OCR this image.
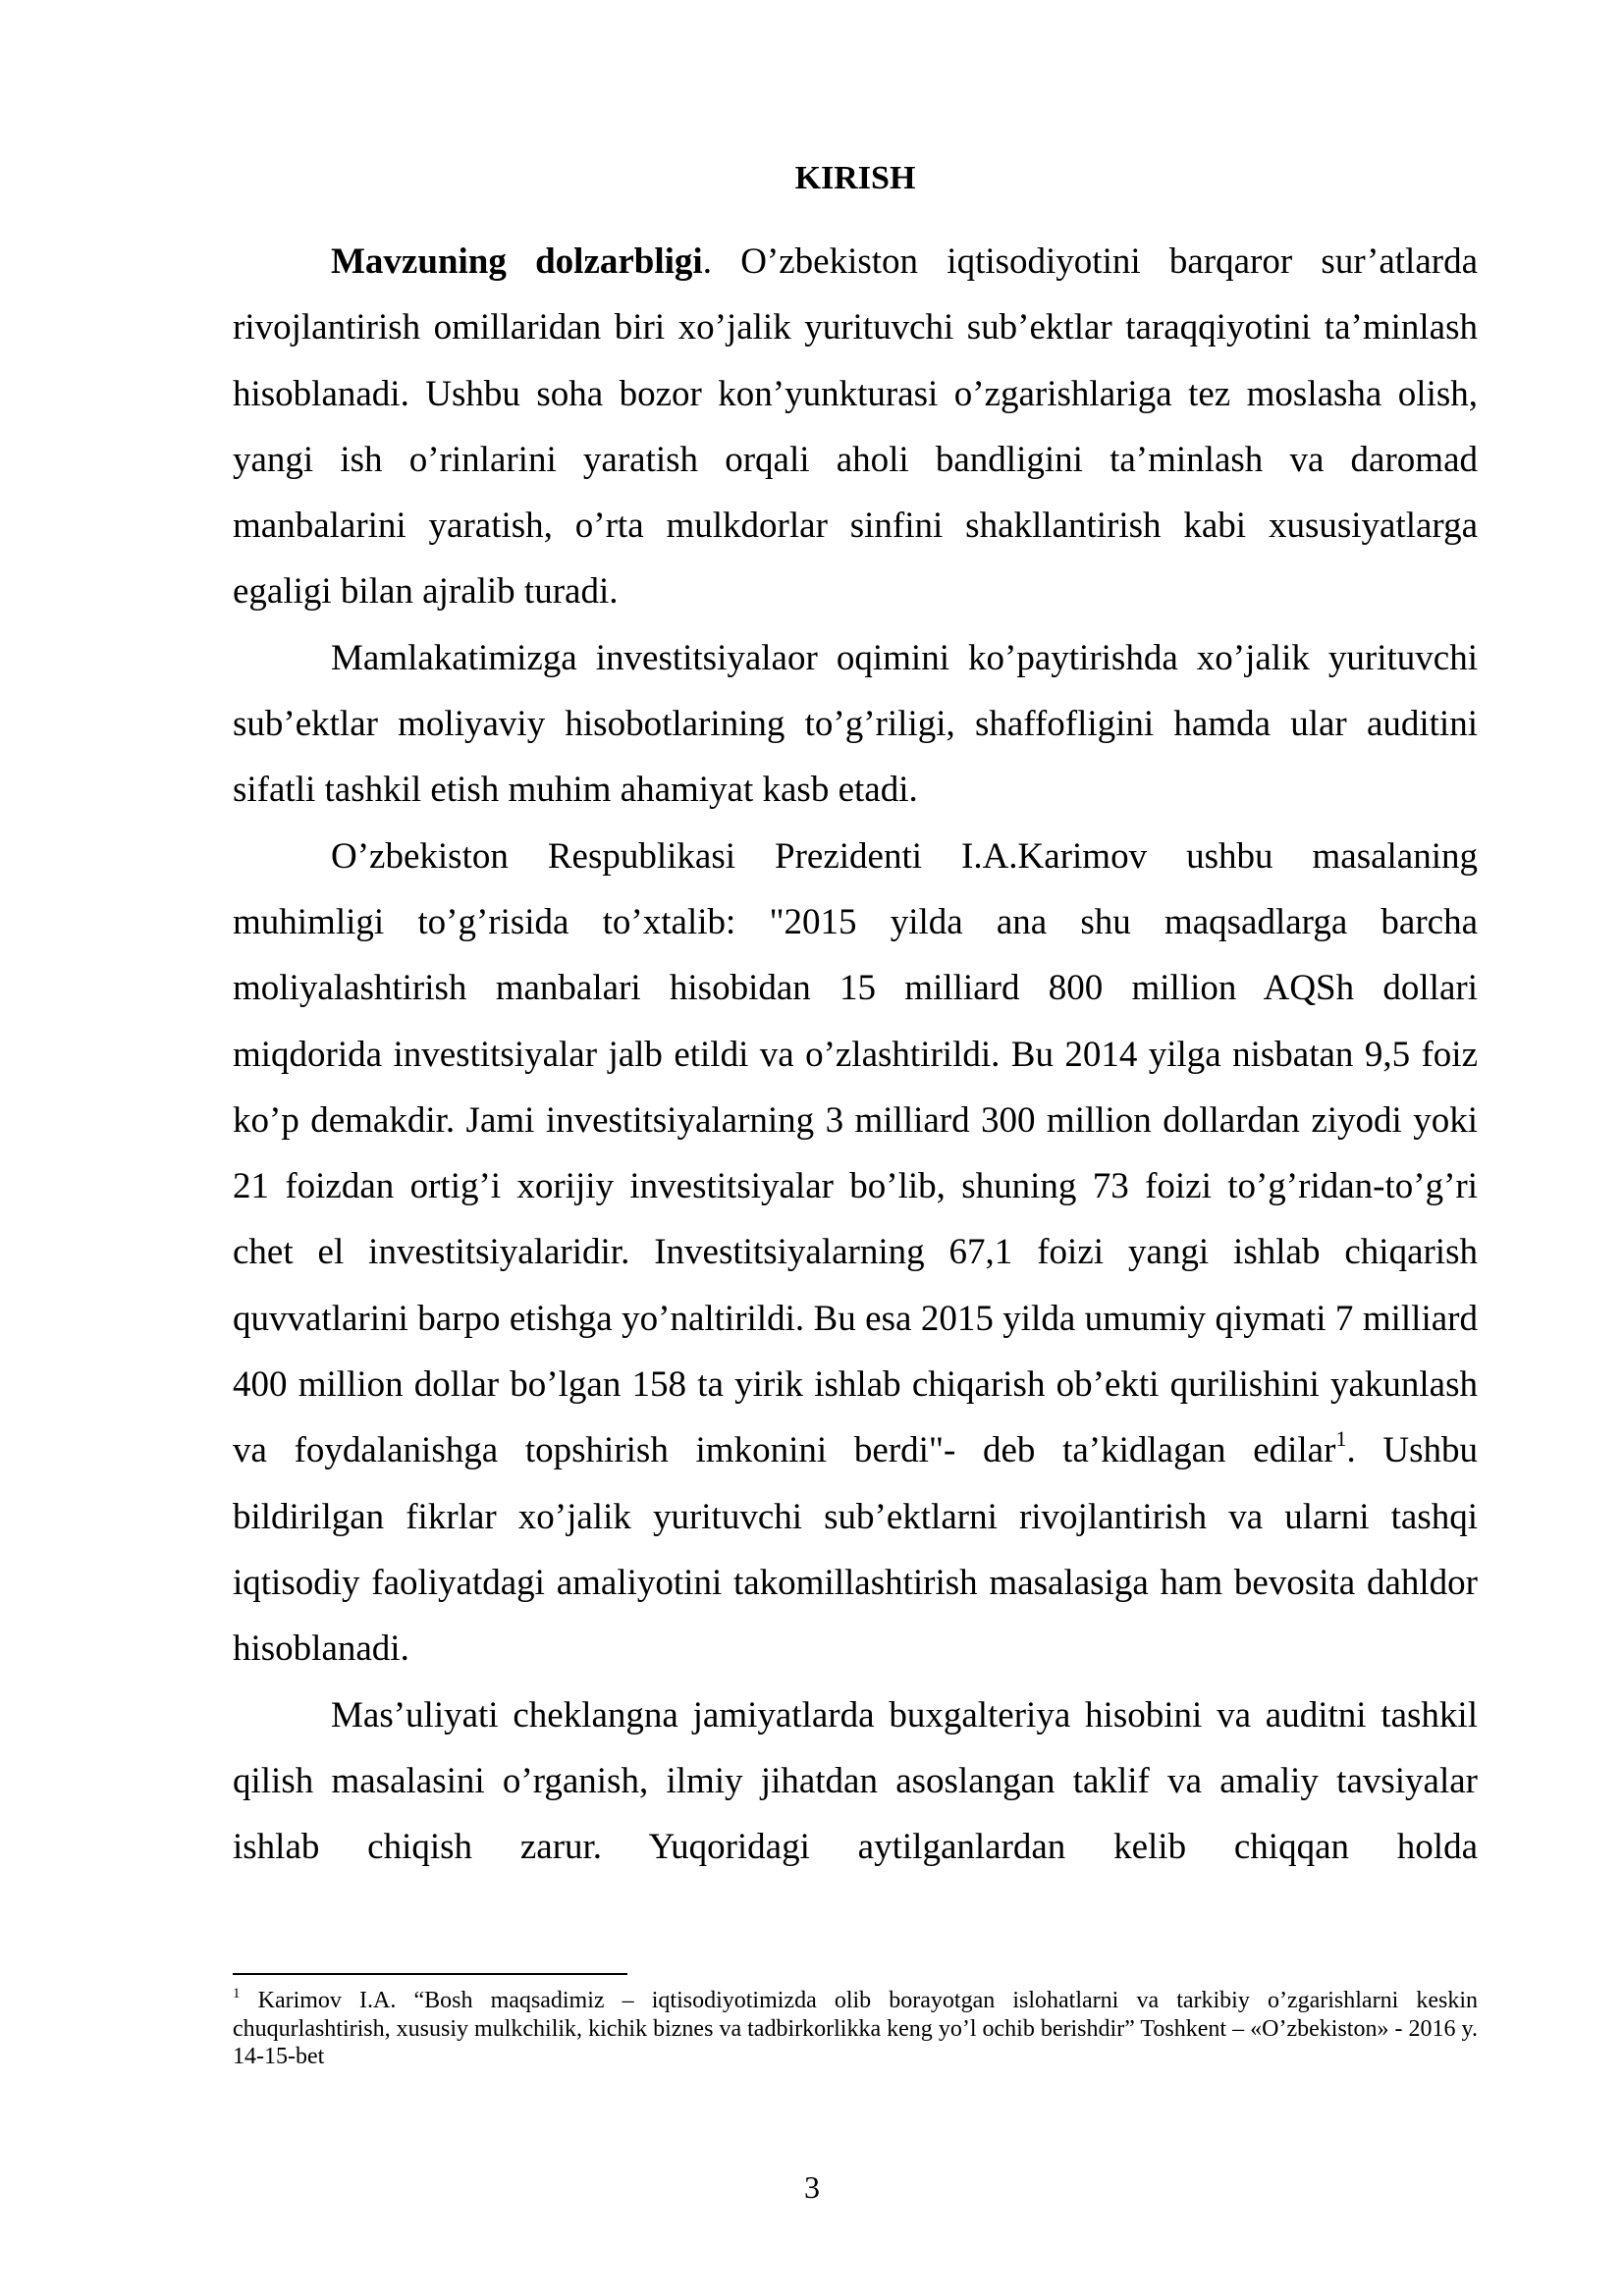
KIRISH

Mavzuning dolzarbligi. O’zbekiston iqtisodiyotini barqaror sur’atlarda rivojlantirish omillaridan biri xo’jalik yurituvchi sub’ektlar taraqqiyotini ta’minlash hisoblanadi. Ushbu soha bozor kon’yunkturasi o’zgarishlariga tez moslasha olish, yangi ish o’rinlarini yaratish orqali aholi bandligini ta’minlash va daromad manbalarini yaratish, o’rta mulkdorlar sinfini shakllantirish kabi xususiyatlarga egaligi bilan ajralib turadi.

Mamlakatimizga investitsiyalaor oqimini ko’paytirishda xo’jalik yurituvchi sub’ektlar moliyaviy hisobotlarining to’g’riligi, shaffofligini hamda ular auditini sifatli tashkil etish muhim ahamiyat kasb etadi.

O’zbekiston Respublikasi Prezidenti I.A.Karimov ushbu masalaning muhimligi to’g’risida to’xtalib: "2015 yilda ana shu maqsadlarga barcha moliyalashtirish manbalari hisobidan 15 milliard 800 million AQSh dollari miqdorida investitsiyalar jalb etildi va o’zlashtirildi. Bu 2014 yilga nisbatan 9,5 foiz ko’p demakdir. Jami investitsiyalarning 3 milliard 300 million dollardan ziyodi yoki 21 foizdan ortig’i xorijiy investitsiyalar bo’lib, shuning 73 foizi to’g’ridan-to’g’ri chet el investitsiyalaridir. Investitsiyalarning 67,1 foizi yangi ishlab chiqarish quvvatlarini barpo etishga yo’naltirildi. Bu esa 2015 yilda umumiy qiymati 7 milliard 400 million dollar bo’lgan 158 ta yirik ishlab chiqarish ob’ekti qurilishini yakunlash va foydalanishga topshirish imkonini berdi"- deb ta’kidlagan edilar$^1$. Ushbu bildirilgan fikrlar xo’jalik yurituvchi sub’ektlarni rivojlantirish va ularni tashqi iqtisodiy faoliyatdagi amaliyotini takomillashtirish masalasiga ham bevosita dahldor hisoblanadi.

Mas’uliyati cheklangna jamiyatlarda buxgalteriya hisobini va auditni tashkil qilish masalasini o’rganish, ilmiy jihatdan asoslangan taklif va amaliy tavsiyalar ishlab chiqish zarur. Yuqoridagi aytilganlardan kelib chiqqan holda

$^1$ Karimov I.A. “Bosh maqsadimiz – iqtisodiyotimizda olib borayotgan islohatlarni va tarkibiy o’zgarishlarni keskin chuqurlashtirish, xususiy mulkchilik, kichik biznes va tadbirkorlikka keng yo’l ochib berishdir” Toshkent – «O’zbekiston» - 2016 y. 14-15-bet
3
